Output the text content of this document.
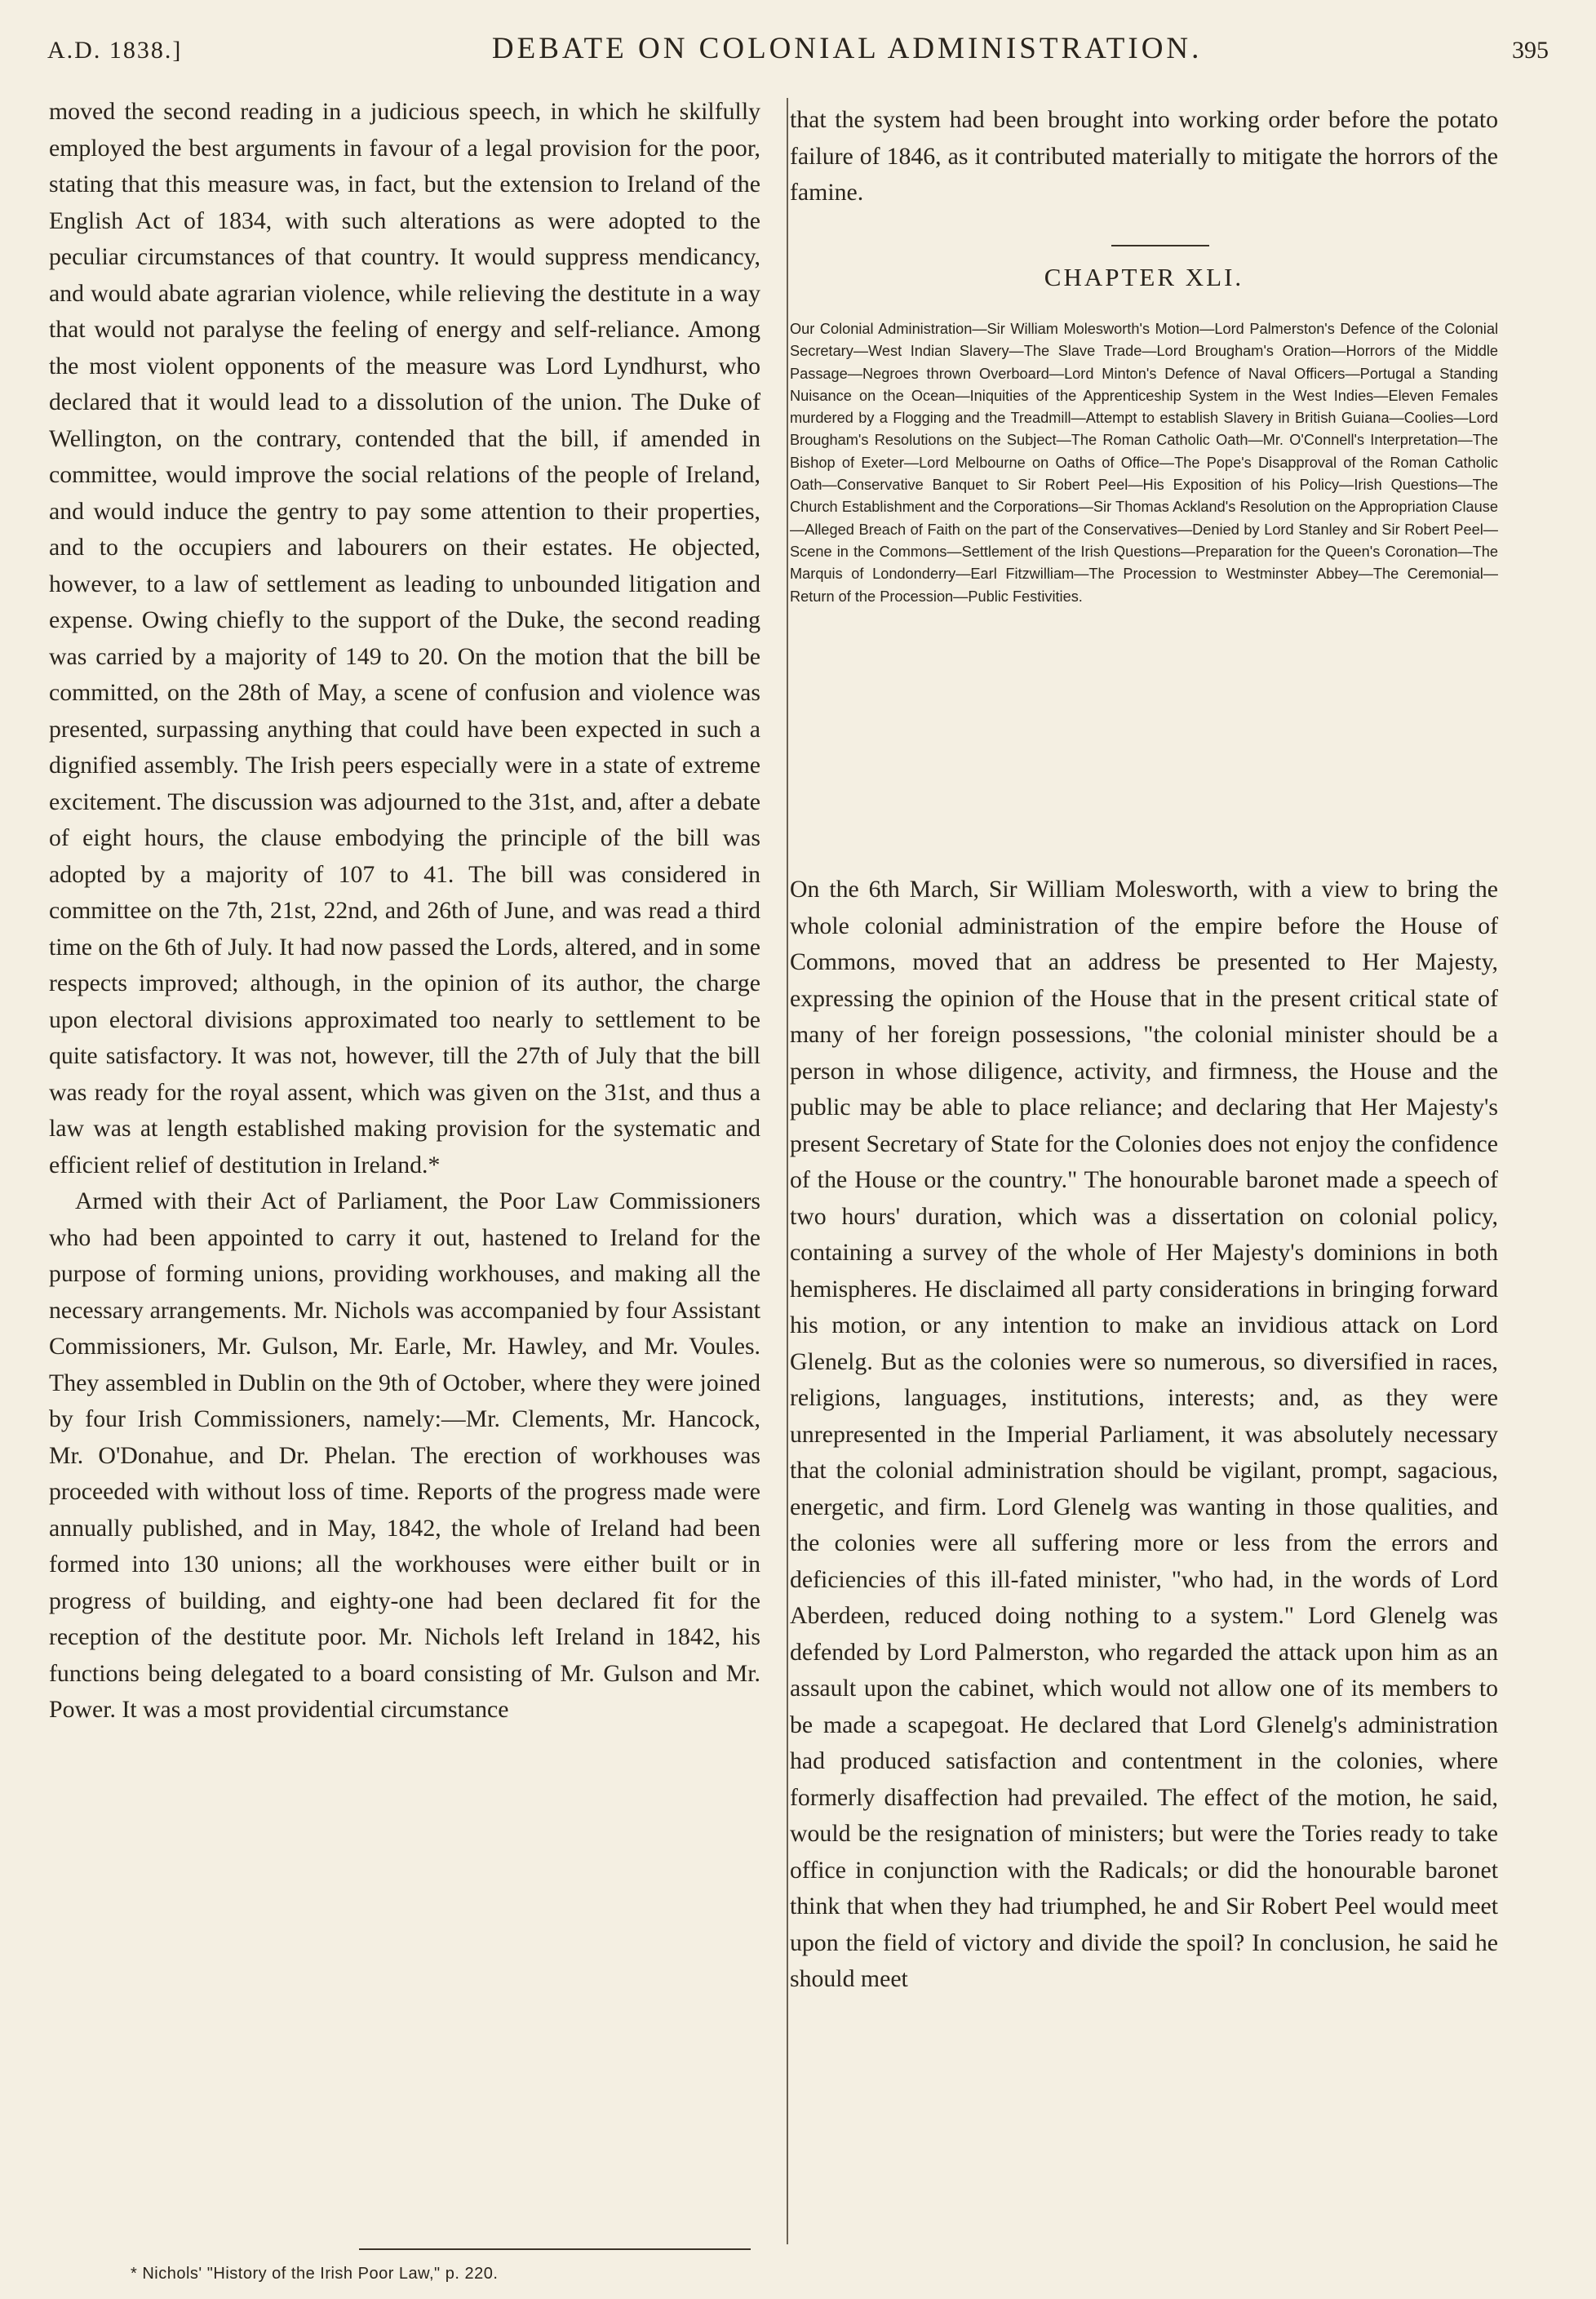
A.D. 1838.]	DEBATE ON COLONIAL ADMINISTRATION.	395

moved the second reading in a judicious speech, in which he skilfully employed the best arguments in favour of a legal provision for the poor, stating that this measure was, in fact, but the extension to Ireland of the English Act of 1834, with such alterations as were adopted to the peculiar circumstances of that country. It would suppress mendicancy, and would abate agrarian violence, while relieving the destitute in a way that would not paralyse the feeling of energy and self-reliance. Among the most violent opponents of the measure was Lord Lyndhurst, who declared that it would lead to a dissolution of the union. The Duke of Wellington, on the contrary, contended that the bill, if amended in committee, would improve the social relations of the people of Ireland, and would induce the gentry to pay some attention to their properties, and to the occupiers and labourers on their estates. He objected, however, to a law of settlement as leading to unbounded litigation and expense. Owing chiefly to the support of the Duke, the second reading was carried by a majority of 149 to 20. On the motion that the bill be committed, on the 28th of May, a scene of confusion and violence was presented, surpassing anything that could have been expected in such a dignified assembly. The Irish peers especially were in a state of extreme excitement. The discussion was adjourned to the 31st, and, after a debate of eight hours, the clause embodying the principle of the bill was adopted by a majority of 107 to 41. The bill was considered in committee on the 7th, 21st, 22nd, and 26th of June, and was read a third time on the 6th of July. It had now passed the Lords, altered, and in some respects improved; although, in the opinion of its author, the charge upon electoral divisions approximated too nearly to settlement to be quite satisfactory. It was not, however, till the 27th of July that the bill was ready for the royal assent, which was given on the 31st, and thus a law was at length established making provision for the systematic and efficient relief of destitution in Ireland.*

Armed with their Act of Parliament, the Poor Law Commissioners who had been appointed to carry it out, hastened to Ireland for the purpose of forming unions, providing workhouses, and making all the necessary arrangements. Mr. Nichols was accompanied by four Assistant Commissioners, Mr. Gulson, Mr. Earle, Mr. Hawley, and Mr. Voules. They assembled in Dublin on the 9th of October, where they were joined by four Irish Commissioners, namely:—Mr. Clements, Mr. Hancock, Mr. O'Donahue, and Dr. Phelan. The erection of workhouses was proceeded with without loss of time. Reports of the progress made were annually published, and in May, 1842, the whole of Ireland had been formed into 130 unions; all the workhouses were either built or in progress of building, and eighty-one had been declared fit for the reception of the destitute poor. Mr. Nichols left Ireland in 1842, his functions being delegated to a board consisting of Mr. Gulson and Mr. Power. It was a most providential circumstance

that the system had been brought into working order before the potato failure of 1846, as it contributed materially to mitigate the horrors of the famine.

CHAPTER XLI.
Our Colonial Administration—Sir William Molesworth's Motion—Lord Palmerston's Defence of the Colonial Secretary—West Indian Slavery—The Slave Trade—Lord Brougham's Oration—Horrors of the Middle Passage—Negroes thrown Overboard—Lord Minton's Defence of Naval Officers—Portugal a Standing Nuisance on the Ocean—Iniquities of the Apprenticeship System in the West Indies—Eleven Females murdered by a Flogging and the Treadmill—Attempt to establish Slavery in British Guiana—Coolies—Lord Brougham's Resolutions on the Subject—The Roman Catholic Oath—Mr. O'Connell's Interpretation—The Bishop of Exeter—Lord Melbourne on Oaths of Office—The Pope's Disapproval of the Roman Catholic Oath—Conservative Banquet to Sir Robert Peel—His Exposition of his Policy—Irish Questions—The Church Establishment and the Corporations—Sir Thomas Ackland's Resolution on the Appropriation Clause—Alleged Breach of Faith on the part of the Conservatives—Denied by Lord Stanley and Sir Robert Peel—Scene in the Commons—Settlement of the Irish Questions—Preparation for the Queen's Coronation—The Marquis of Londonderry—Earl Fitzwilliam—The Procession to Westminster Abbey—The Ceremonial—Return of the Procession—Public Festivities.

On the 6th March, Sir William Molesworth, with a view to bring the whole colonial administration of the empire before the House of Commons, moved that an address be presented to Her Majesty, expressing the opinion of the House that in the present critical state of many of her foreign possessions, "the colonial minister should be a person in whose diligence, activity, and firmness, the House and the public may be able to place reliance; and declaring that Her Majesty's present Secretary of State for the Colonies does not enjoy the confidence of the House or the country." The honourable baronet made a speech of two hours' duration, which was a dissertation on colonial policy, containing a survey of the whole of Her Majesty's dominions in both hemispheres. He disclaimed all party considerations in bringing forward his motion, or any intention to make an invidious attack on Lord Glenelg. But as the colonies were so numerous, so diversified in races, religions, languages, institutions, interests; and, as they were unrepresented in the Imperial Parliament, it was absolutely necessary that the colonial administration should be vigilant, prompt, sagacious, energetic, and firm. Lord Glenelg was wanting in those qualities, and the colonies were all suffering more or less from the errors and deficiencies of this ill-fated minister, "who had, in the words of Lord Aberdeen, reduced doing nothing to a system." Lord Glenelg was defended by Lord Palmerston, who regarded the attack upon him as an assault upon the cabinet, which would not allow one of its members to be made a scapegoat. He declared that Lord Glenelg's administration had produced satisfaction and contentment in the colonies, where formerly disaffection had prevailed. The effect of the motion, he said, would be the resignation of ministers; but were the Tories ready to take office in conjunction with the Radicals; or did the honourable baronet think that when they had triumphed, he and Sir Robert Peel would meet upon the field of victory and divide the spoil? In conclusion, he said he should meet

* Nichols' "History of the Irish Poor Law," p. 220.
